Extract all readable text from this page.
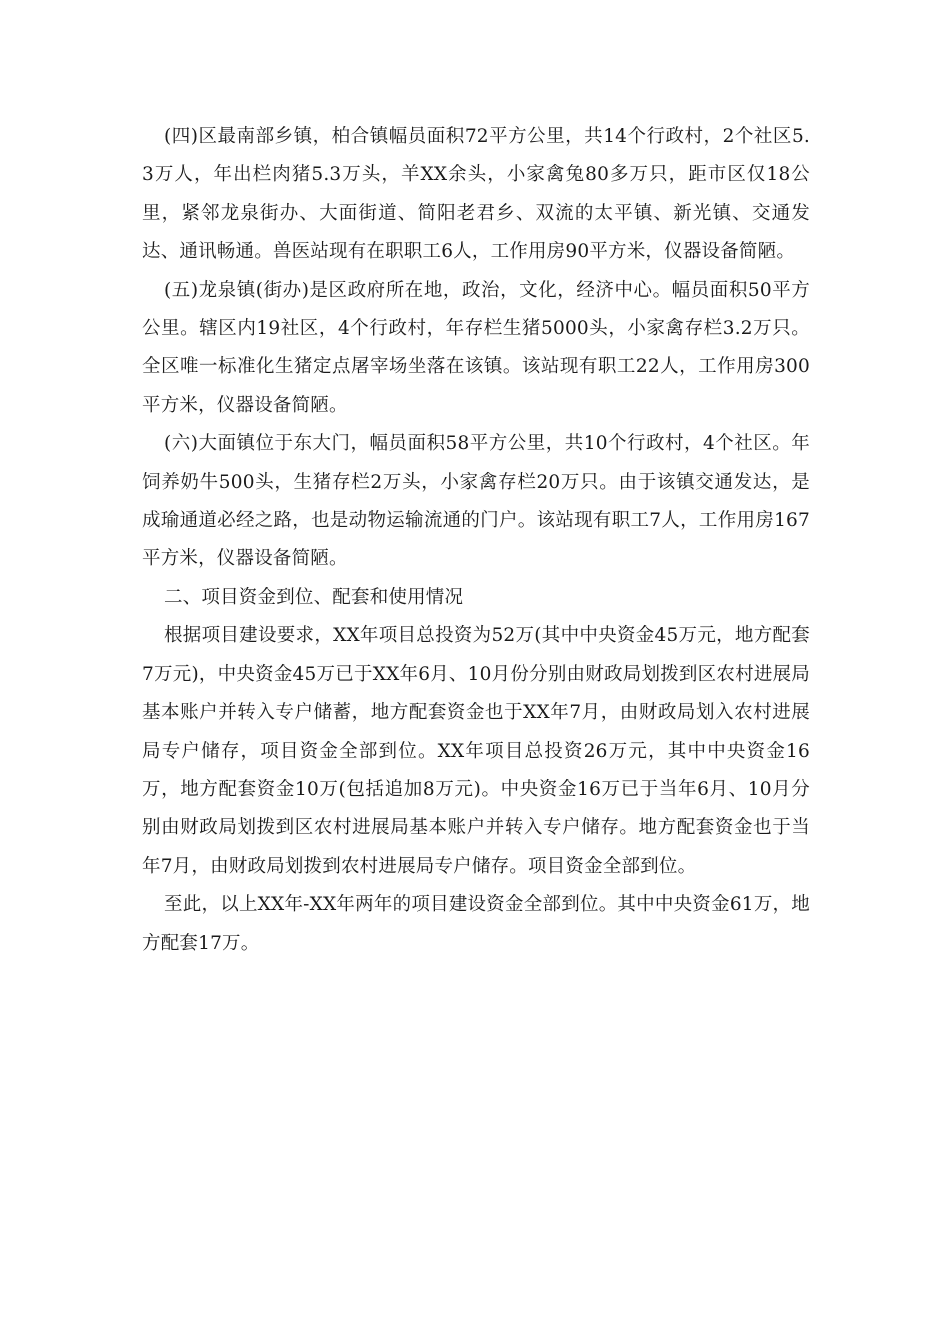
(四)区最南部乡镇，柏合镇幅员面积72平方公里，共14个行政村，2个社区5.3万人，年出栏肉猪5.3万头，羊XX余头，小家禽兔80多万只，距市区仅18公里，紧邻龙泉街办、大面街道、简阳老君乡、双流的太平镇、新光镇、交通发达、通讯畅通。兽医站现有在职职工6人，工作用房90平方米，仪器设备简陋。

(五)龙泉镇(街办)是区政府所在地，政治，文化，经济中心。幅员面积50平方公里。辖区内19社区，4个行政村，年存栏生猪5000头，小家禽存栏3.2万只。全区唯一标准化生猪定点屠宰场坐落在该镇。该站现有职工22人，工作用房300平方米，仪器设备简陋。

(六)大面镇位于东大门，幅员面积58平方公里，共10个行政村，4个社区。年饲养奶牛500头，生猪存栏2万头，小家禽存栏20万只。由于该镇交通发达，是成瑜通道必经之路，也是动物运输流通的门户。该站现有职工7人，工作用房167平方米，仪器设备简陋。

二、项目资金到位、配套和使用情况

根据项目建设要求，XX年项目总投资为52万(其中中央资金45万元，地方配套7万元)，中央资金45万已于XX年6月、10月份分别由财政局划拨到区农村进展局基本账户并转入专户储蓄，地方配套资金也于XX年7月，由财政局划入农村进展局专户储存，项目资金全部到位。XX年项目总投资26万元，其中中央资金16万，地方配套资金10万(包括追加8万元)。中央资金16万已于当年6月、10月分别由财政局划拨到区农村进展局基本账户并转入专户储存。地方配套资金也于当年7月，由财政局划拨到农村进展局专户储存。项目资金全部到位。

至此，以上XX年-XX年两年的项目建设资金全部到位。其中中央资金61万，地方配套17万。
